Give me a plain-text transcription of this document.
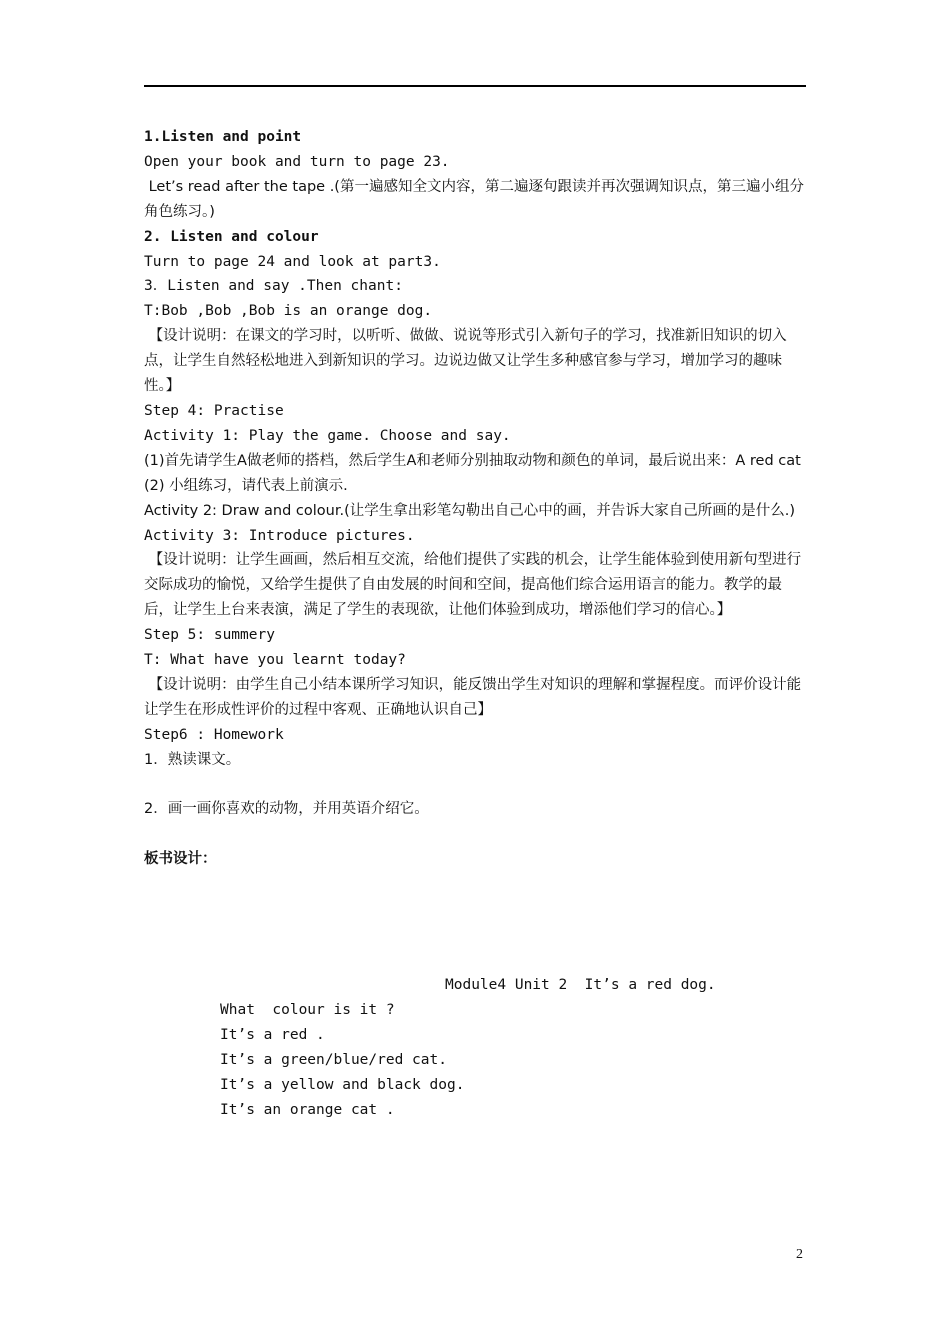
1.Listen and point
Open your book and turn to page 23.
Let’s read after the tape .(第一遍感知全文内容，第二遍逐句跟读并再次强调知识点，第三遍小组分角色练习。)
2. Listen and colour
Turn to page 24 and look at part3.
3．Listen and say .Then chant:
T:Bob ,Bob ,Bob is an orange dog.
【设计说明：在课文的学习时，以听听、做做、说说等形式引入新句子的学习，找准新旧知识的切入点，让学生自然轻松地进入到新知识的学习。边说边做又让学生多种感官参与学习，增加学习的趣味性。】
Step 4: Practise
Activity 1: Play the game. Choose and say.
(1)首先请学生A做老师的搭档，然后学生A和老师分别抽取动物和颜色的单词，最后说出来：A red cat
(2) 小组练习，请代表上前演示.
Activity 2: Draw and colour.(让学生拿出彩笔勾勒出自己心中的画，并告诉大家自己所画的是什么.)
Activity 3: Introduce pictures.
【设计说明：让学生画画，然后相互交流，给他们提供了实践的机会，让学生能体验到使用新句型进行交际成功的愉悦，又给学生提供了自由发展的时间和空间，提高他们综合运用语言的能力。教学的最后，让学生上台来表演，满足了学生的表现欲，让他们体验到成功，增添他们学习的信心。】
Step 5: summery
T: What have you learnt today?
【设计说明：由学生自己小结本课所学习知识，能反馈出学生对知识的理解和掌握程度。而评价设计能让学生在形成性评价的过程中客观、正确地认识自己】
Step6 : Homework
1．熟读课文。
2．画一画你喜欢的动物，并用英语介绍它。
板书设计：
Module4 Unit 2  It’s a red dog.
What  colour is it ?
It’s a red .
It’s a green/blue/red cat.
It’s a yellow and black dog.
It’s an orange cat .
2
